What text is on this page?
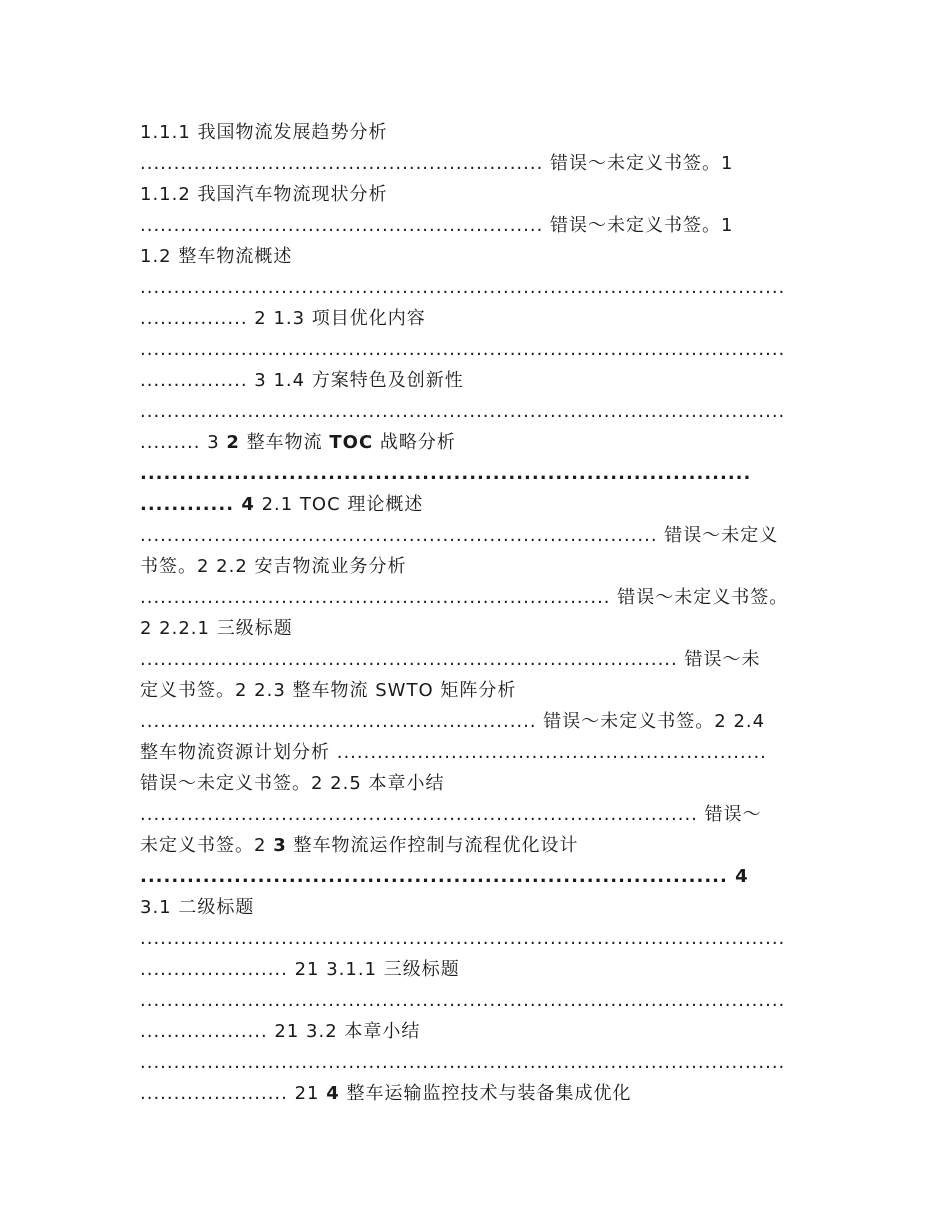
1.1.1 我国物流发展趋势分析
............................................................ 错误～未定义书签。1
1.1.2 我国汽车物流现状分析
............................................................ 错误～未定义书签。1
1.2 整车物流概述
................................................................................................
................ 2 1.3 项目优化内容
................................................................................................
................ 3 1.4 方案特色及创新性
................................................................................................
......... 3 2 整车物流 TOC 战略分析
..............................................................................
............ 4 2.1 TOC 理论概述
............................................................................. 错误～未定义
书签。2 2.2 安吉物流业务分析
...................................................................... 错误～未定义书签。
2 2.2.1 三级标题
................................................................................ 错误～未
定义书签。2 2.3 整车物流 SWTO 矩阵分析
........................................................... 错误～未定义书签。2 2.4
整车物流资源计划分析 ................................................................
错误～未定义书签。2 2.5 本章小结
................................................................................... 错误～
未定义书签。2 3 整车物流运作控制与流程优化设计
........................................................................... 4
3.1 二级标题
................................................................................................
...................... 21 3.1.1 三级标题
................................................................................................
................... 21 3.2 本章小结
................................................................................................
...................... 21 4 整车运输监控技术与装备集成优化
